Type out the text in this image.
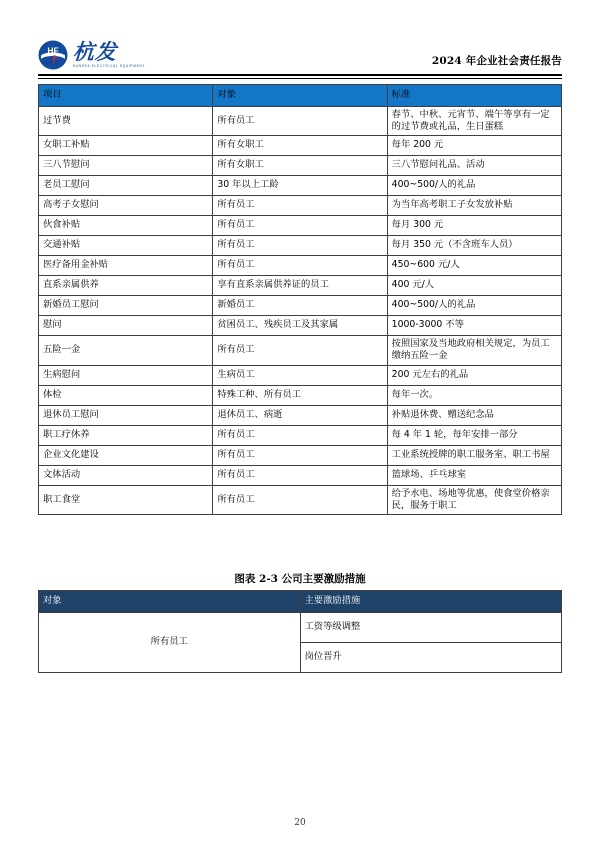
HF 杭发
HANGFA ELECTRICAL EQUIPMENT	2024 年企业社会责任报告
项目	对象	标准
过节费	所有员工	春节、中秋、元宵节、端午等享有一定的过节费或礼品，生日蛋糕
女职工补贴	所有女职工	每年 200 元
三八节慰问	所有女职工	三八节慰问礼品、活动
老员工慰问	30 年以上工龄	400~500/人的礼品
高考子女慰问	所有员工	为当年高考职工子女发放补贴
伙食补贴	所有员工	每月 300 元
交通补贴	所有员工	每月 350 元（不含班车人员）
医疗备用金补贴	所有员工	450~600 元/人
直系亲属供养	享有直系亲属供养证的员工	400 元/人
新婚员工慰问	新婚员工	400~500/人的礼品
慰问	贫困员工、残疾员工及其家属	1000-3000 不等
五险一金	所有员工	按照国家及当地政府相关规定，为员工缴纳五险一金
生病慰问	生病员工	200 元左右的礼品
体检	特殊工种、所有员工	每年一次。
退休员工慰问	退休员工、病逝	补贴退休费、赠送纪念品
职工疗休养	所有员工	每 4 年 1 轮，每年安排一部分
企业文化建设	所有员工	工业系统授牌的职工服务室、职工书屋
文体活动	所有员工	篮球场、乒乓球室
职工食堂	所有员工	给予水电、场地等优惠，使食堂价格亲民，服务于职工

图表 2-3 公司主要激励措施

对象	主要激励措施
所有员工	工资等级调整
	岗位晋升
20
